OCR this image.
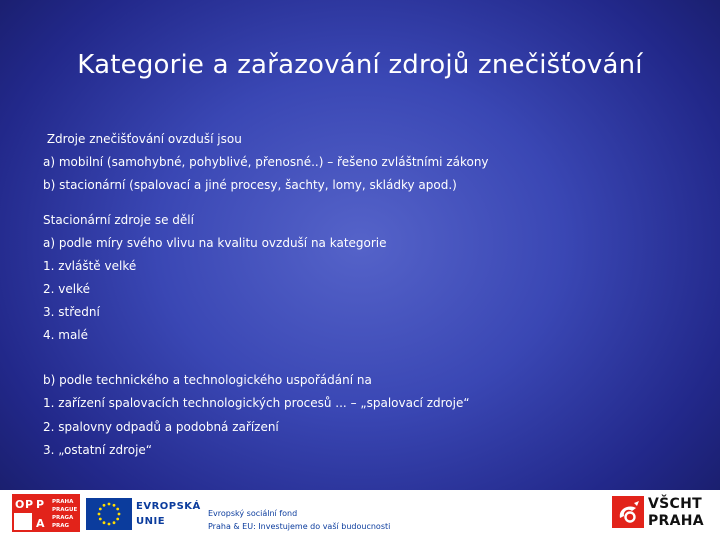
Kategorie a zařazování zdrojů znečišťování
Zdroje znečišťování ovzduší jsou
a) mobilní (samohybné, pohyblivé, přenosné..) – řešeno zvláštními zákony
b) stacionární (spalovací a jiné procesy, šachty, lomy, skládky apod.)
Stacionární zdroje se dělí
a) podle míry svého vlivu na kvalitu ovzduší na kategorie
1. zvláště velké
2. velké
3. střední
4. malé
b) podle technického a technologického uspořádání na
1. zařízení spalovacích technologických procesů ... – „spalovací zdroje“
2. spalovny odpadů a podobná zařízení
3. „ostatní zdroje“
O P P
A
PRAHA
PRAGUE
PRAGA
PRAG
EVROPSKÁ
UNIE
Evropský sociální fond
Praha & EU: Investujeme do vaší budoucnosti
VŠCHT
PRAHA
